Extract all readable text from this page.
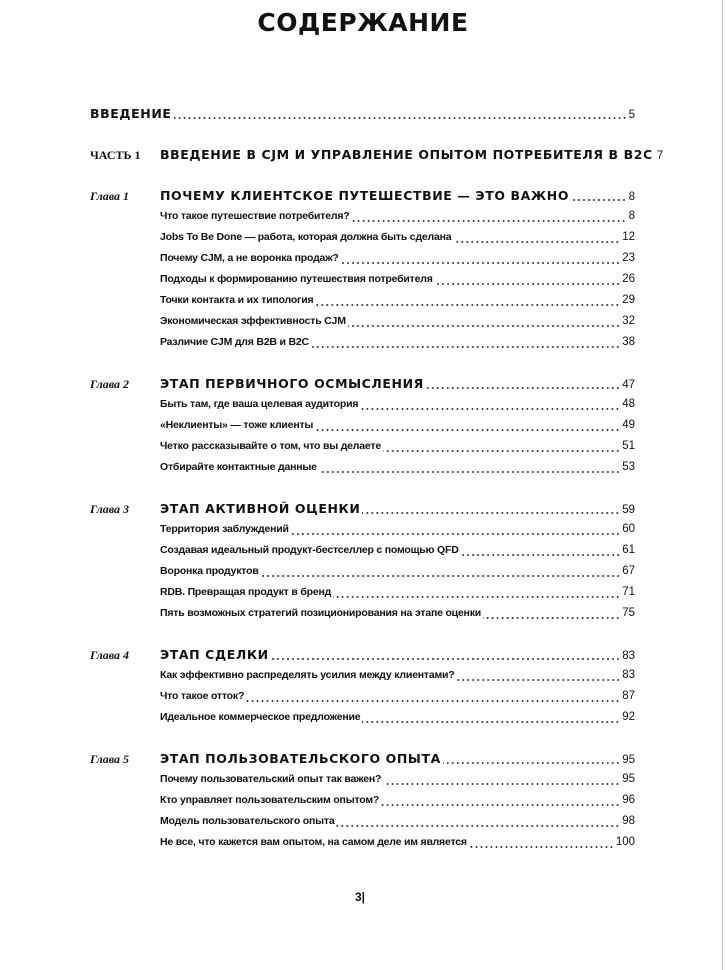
СОДЕРЖАНИЕ
ВВЕДЕНИЕ	5
ЧАСТЬ 1	ВВЕДЕНИЕ В CJM И УПРАВЛЕНИЕ ОПЫТОМ ПОТРЕБИТЕЛЯ В B2C 7
Глава 1	ПОЧЕМУ КЛИЕНТСКОЕ ПУТЕШЕСТВИЕ — ЭТО ВАЖНО	8
Что такое путешествие потребителя?	8
Jobs To Be Done — работа, которая должна быть сделана	12
Почему CJM, а не воронка продаж?	23
Подходы к формированию путешествия потребителя	26
Точки контакта и их типология	29
Экономическая эффективность CJM	32
Различие CJM для B2B и B2C	38
Глава 2	ЭТАП ПЕРВИЧНОГО ОСМЫСЛЕНИЯ	47
Быть там, где ваша целевая аудитория	48
«Неклиенты» — тоже клиенты	49
Четко рассказывайте о том, что вы делаете	51
Отбирайте контактные данные	53
Глава 3	ЭТАП АКТИВНОЙ ОЦЕНКИ	59
Территория заблуждений	60
Создавая идеальный продукт-бестселлер с помощью QFD	61
Воронка продуктов	67
RDB. Превращая продукт в бренд	71
Пять возможных стратегий позиционирования на этапе оценки	75
Глава 4	ЭТАП СДЕЛКИ	83
Как эффективно распределять усилия между клиентами?	83
Что такое отток?	87
Идеальное коммерческое предложение	92
Глава 5	ЭТАП ПОЛЬЗОВАТЕЛЬСКОГО ОПЫТА	95
Почему пользовательский опыт так важен?	95
Кто управляет пользовательским опытом?	96
Модель пользовательского опыта	98
Не все, что кажется вам опытом, на самом деле им является	100
3|
